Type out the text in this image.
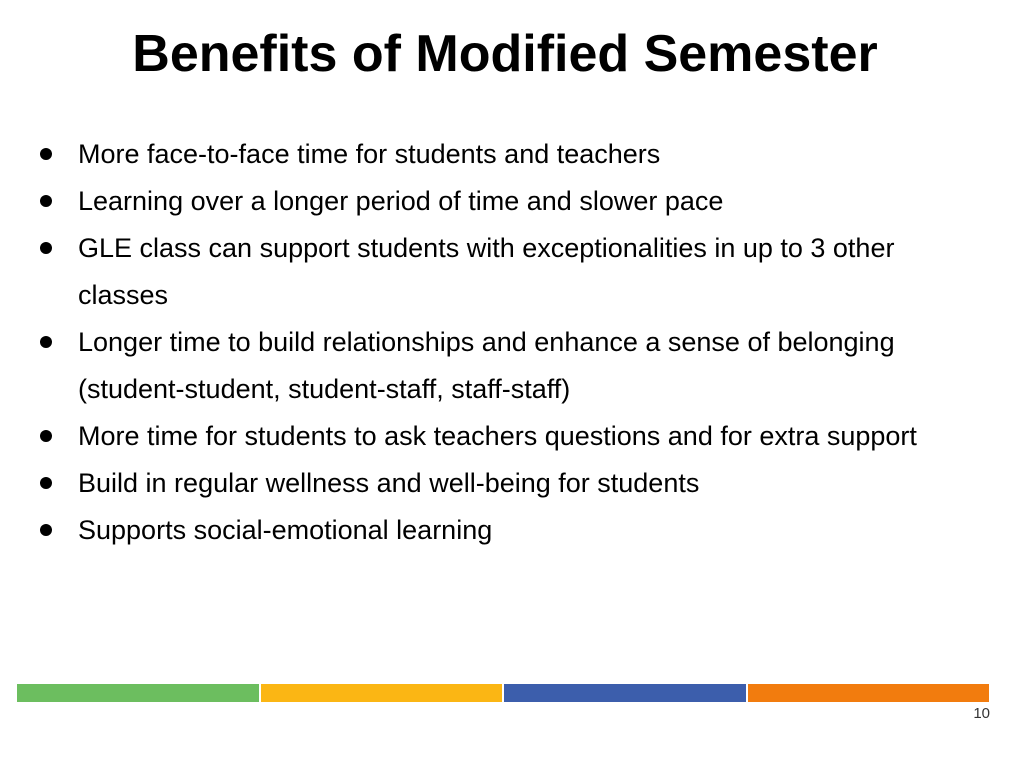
Benefits of Modified Semester
More face-to-face time for students and teachers
Learning over a longer period of time and slower pace
GLE class can support students with exceptionalities in up to 3 other classes
Longer time to build relationships and enhance a sense of belonging (student-student, student-staff, staff-staff)
More time for students to ask teachers questions and for extra support
Build in regular wellness and well-being for students
Supports social-emotional learning
10
